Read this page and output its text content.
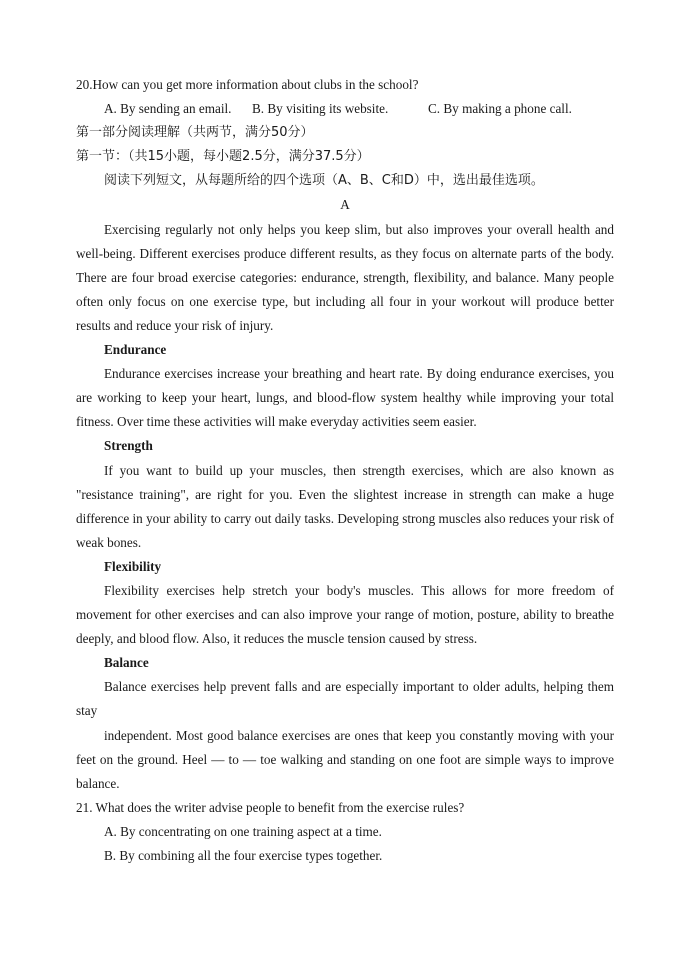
20.How can you get more information about clubs in the school?

A. By sending an email.	B. By visiting its website.	C. By making a phone call.

第一部分阅读理解（共两节，满分50分）

第一节：（共15小题，每小题2.5分，满分37.5分）

阅读下列短文，从每题所给的四个选项（A、B、C和D）中，选出最佳选项。

A

Exercising regularly not only helps you keep slim, but also improves your overall health and well-being. Different exercises produce different results, as they focus on alternate parts of the body. There are four broad exercise categories: endurance, strength, flexibility, and balance. Many people often only focus on one exercise type, but including all four in your workout will produce better results and reduce your risk of injury.

Endurance

Endurance exercises increase your breathing and heart rate. By doing endurance exercises, you are working to keep your heart, lungs, and blood-flow system healthy while improving your total fitness. Over time these activities will make everyday activities seem easier.

Strength

If you want to build up your muscles, then strength exercises, which are also known as "resistance training", are right for you. Even the slightest increase in strength can make a huge difference in your ability to carry out daily tasks. Developing strong muscles also reduces your risk of weak bones.

Flexibility

Flexibility exercises help stretch your body's muscles. This allows for more freedom of movement for other exercises and can also improve your range of motion, posture, ability to breathe deeply, and blood flow. Also, it reduces the muscle tension caused by stress.

Balance

Balance exercises help prevent falls and are especially important to older adults, helping them stay

independent. Most good balance exercises are ones that keep you constantly moving with your feet on the ground. Heel — to — toe walking and standing on one foot are simple ways to improve balance.

21. What does the writer advise people to benefit from the exercise rules?

A. By concentrating on one training aspect at a time.

B. By combining all the four exercise types together.
